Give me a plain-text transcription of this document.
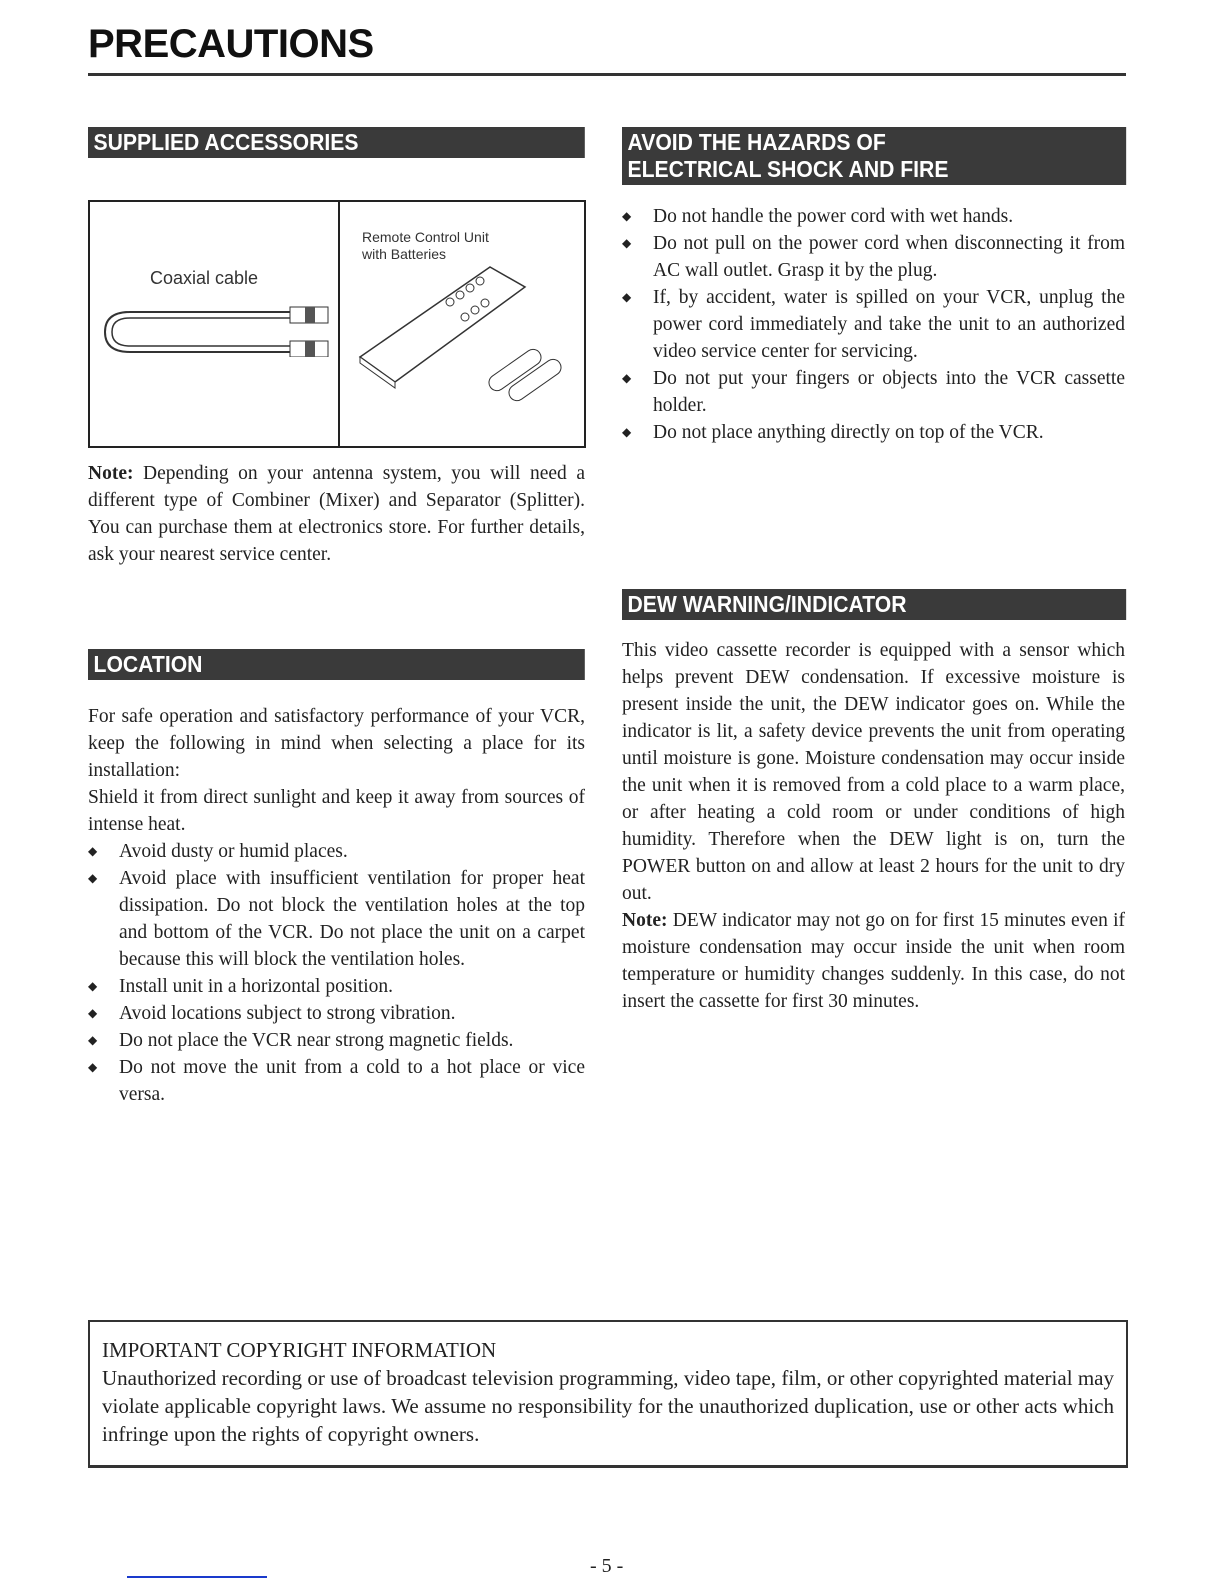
PRECAUTIONS
SUPPLIED ACCESSORIES
Coaxial cable
Remote Control Unit
with Batteries

Note: Depending on your antenna system, you will need a different type of Combiner (Mixer) and Separator (Splitter). You can purchase them at electronics store. For further details, ask your nearest service center.

LOCATION

For safe operation and satisfactory performance of your VCR, keep the following in mind when selecting a place for its installation:

Shield it from direct sunlight and keep it away from sources of intense heat.

◆ Avoid dusty or humid places.
◆ Avoid place with insufficient ventilation for proper heat dissipation. Do not block the ventilation holes at the top and bottom of the VCR. Do not place the unit on a carpet because this will block the ventilation holes.
◆ Install unit in a horizontal position.
◆ Avoid locations subject to strong vibration.
◆ Do not place the VCR near strong magnetic fields.
◆ Do not move the unit from a cold to a hot place or vice versa.
AVOID THE HAZARDS OF
ELECTRICAL SHOCK AND FIRE
◆ Do not handle the power cord with wet hands.
◆ Do not pull on the power cord when disconnecting it from AC wall outlet. Grasp it by the plug.
◆ If, by accident, water is spilled on your VCR, unplug the power cord immediately and take the unit to an authorized video service center for servicing.
◆ Do not put your fingers or objects into the VCR cassette holder.
◆ Do not place anything directly on top of the VCR.
DEW WARNING/INDICATOR

This video cassette recorder is equipped with a sensor which helps prevent DEW condensation. If excessive moisture is present inside the unit, the DEW indicator goes on. While the indicator is lit, a safety device prevents the unit from operating until moisture is gone. Moisture condensation may occur inside the unit when it is removed from a cold place to a warm place, or after heating a cold room or under conditions of high humidity. Therefore when the DEW light is on, turn the POWER button on and allow at least 2 hours for the unit to dry out.

Note: DEW indicator may not go on for first 15 minutes even if moisture condensation may occur inside the unit when room temperature or humidity changes suddenly. In this case, do not insert the cassette for first 30 minutes.

IMPORTANT COPYRIGHT INFORMATION
Unauthorized recording or use of broadcast television programming, video tape, film, or other copyrighted material may violate applicable copyright laws. We assume no responsibility for the unauthorized duplication, use or other acts which infringe upon the rights of copyright owners.
- 5 -
